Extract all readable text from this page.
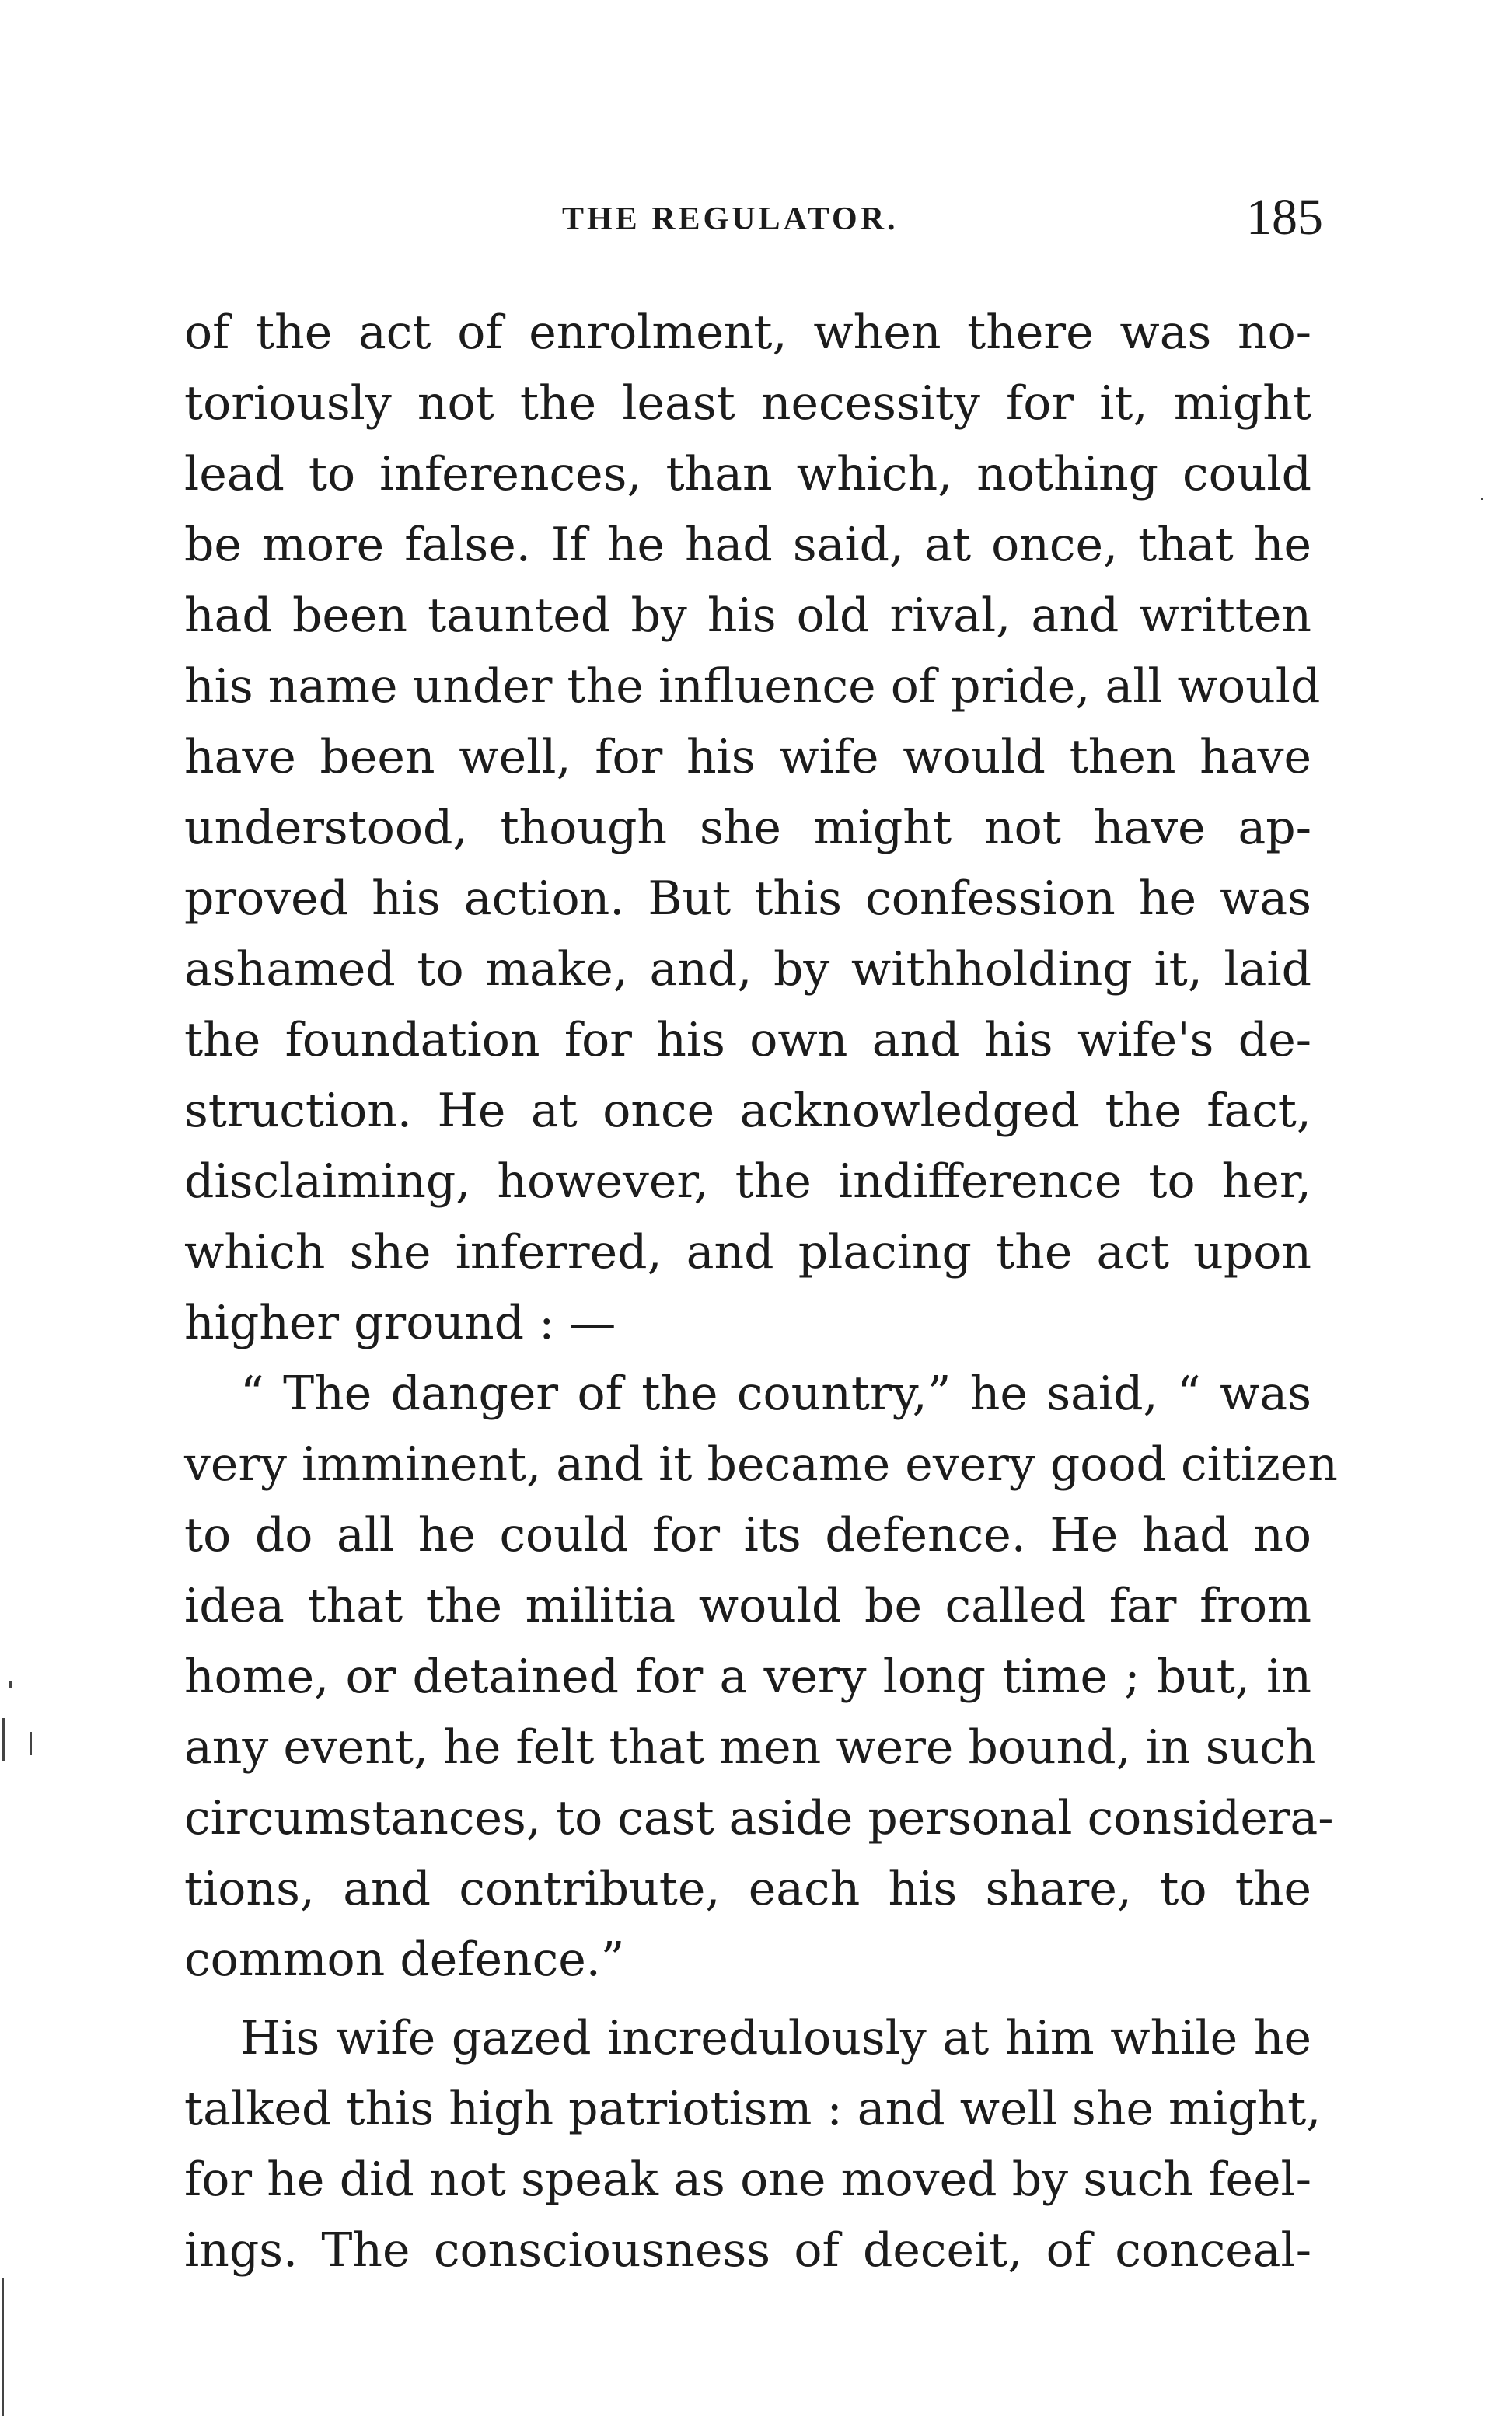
THE REGULATOR.	185
of the act of enrolment, when there was no-
toriously not the least necessity for it, might
lead to inferences, than which, nothing could
be more false. If he had said, at once, that he
had been taunted by his old rival, and written
his name under the influence of pride, all would
have been well, for his wife would then have
understood, though she might not have ap-
proved his action. But this confession he was
ashamed to make, and, by withholding it, laid
the foundation for his own and his wife's de-
struction. He at once acknowledged the fact,
disclaiming, however, the indifference to her,
which she inferred, and placing the act upon
higher ground : —
“ The danger of the country,” he said, “ was
very imminent, and it became every good citizen
to do all he could for its defence. He had no
idea that the militia would be called far from
home, or detained for a very long time ; but, in
any event, he felt that men were bound, in such
circumstances, to cast aside personal considera-
tions, and contribute, each his share, to the
common defence.”
His wife gazed incredulously at him while he
talked this high patriotism : and well she might,
for he did not speak as one moved by such feel-
ings. The consciousness of deceit, of conceal-
